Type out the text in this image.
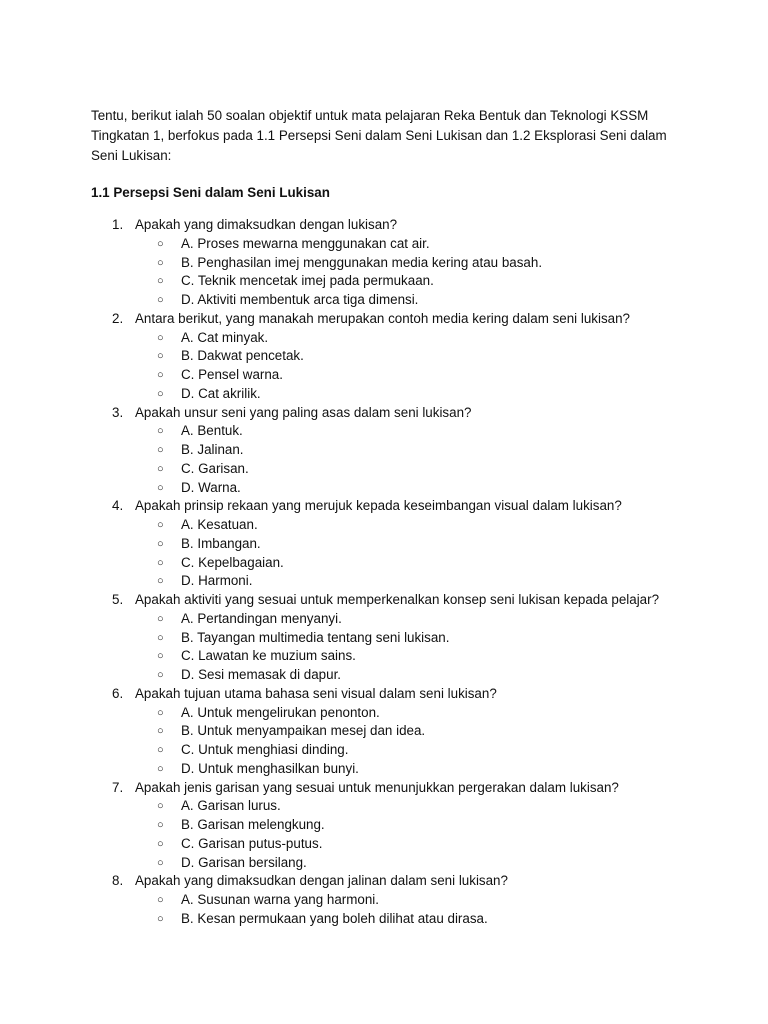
Tentu, berikut ialah 50 soalan objektif untuk mata pelajaran Reka Bentuk dan Teknologi KSSM Tingkatan 1, berfokus pada 1.1 Persepsi Seni dalam Seni Lukisan dan 1.2 Eksplorasi Seni dalam Seni Lukisan:

1.1 Persepsi Seni dalam Seni Lukisan
1. Apakah yang dimaksudkan dengan lukisan?
○ A. Proses mewarna menggunakan cat air.
○ B. Penghasilan imej menggunakan media kering atau basah.
○ C. Teknik mencetak imej pada permukaan.
○ D. Aktiviti membentuk arca tiga dimensi.
2. Antara berikut, yang manakah merupakan contoh media kering dalam seni lukisan?
○ A. Cat minyak.
○ B. Dakwat pencetak.
○ C. Pensel warna.
○ D. Cat akrilik.
3. Apakah unsur seni yang paling asas dalam seni lukisan?
○ A. Bentuk.
○ B. Jalinan.
○ C. Garisan.
○ D. Warna.
4. Apakah prinsip rekaan yang merujuk kepada keseimbangan visual dalam lukisan?
○ A. Kesatuan.
○ B. Imbangan.
○ C. Kepelbagaian.
○ D. Harmoni.
5. Apakah aktiviti yang sesuai untuk memperkenalkan konsep seni lukisan kepada pelajar?
○ A. Pertandingan menyanyi.
○ B. Tayangan multimedia tentang seni lukisan.
○ C. Lawatan ke muzium sains.
○ D. Sesi memasak di dapur.
6. Apakah tujuan utama bahasa seni visual dalam seni lukisan?
○ A. Untuk mengelirukan penonton.
○ B. Untuk menyampaikan mesej dan idea.
○ C. Untuk menghiasi dinding.
○ D. Untuk menghasilkan bunyi.
7. Apakah jenis garisan yang sesuai untuk menunjukkan pergerakan dalam lukisan?
○ A. Garisan lurus.
○ B. Garisan melengkung.
○ C. Garisan putus-putus.
○ D. Garisan bersilang.
8. Apakah yang dimaksudkan dengan jalinan dalam seni lukisan?
○ A. Susunan warna yang harmoni.
○ B. Kesan permukaan yang boleh dilihat atau dirasa.
